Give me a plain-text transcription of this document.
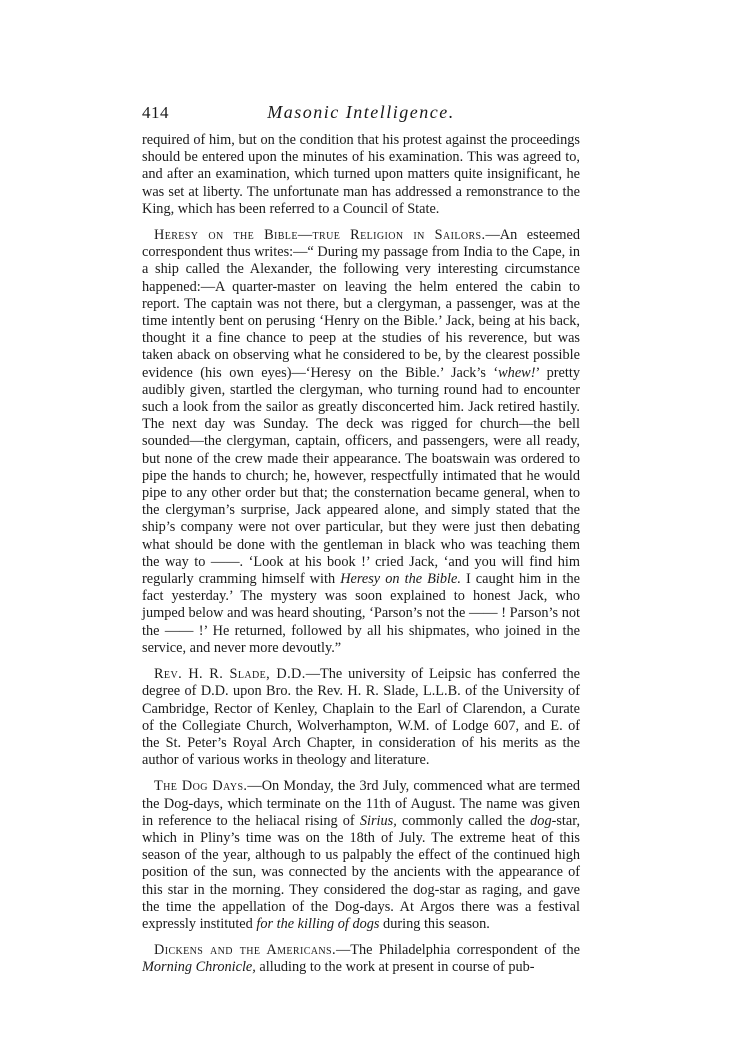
414	Masonic Intelligence.

required of him, but on the condition that his protest against the proceedings should be entered upon the minutes of his examination. This was agreed to, and after an examination, which turned upon matters quite insignificant, he was set at liberty. The unfortunate man has addressed a remonstrance to the King, which has been referred to a Council of State.

Heresy on the Bible—true Religion in Sailors.—An esteemed correspondent thus writes:—“ During my passage from India to the Cape, in a ship called the Alexander, the following very interesting circumstance happened:—A quarter-master on leaving the helm entered the cabin to report. The captain was not there, but a clergyman, a passenger, was at the time intently bent on perusing ‘Henry on the Bible.’ Jack, being at his back, thought it a fine chance to peep at the studies of his reverence, but was taken aback on observing what he considered to be, by the clearest possible evidence (his own eyes)—‘Heresy on the Bible.’ Jack’s ‘whew!’ pretty audibly given, startled the clergyman, who turning round had to encounter such a look from the sailor as greatly disconcerted him. Jack retired hastily. The next day was Sunday. The deck was rigged for church—the bell sounded—the clergyman, captain, officers, and passengers, were all ready, but none of the crew made their appearance. The boatswain was ordered to pipe the hands to church; he, however, respectfully intimated that he would pipe to any other order but that; the consternation became general, when to the clergyman’s surprise, Jack appeared alone, and simply stated that the ship’s company were not over particular, but they were just then debating what should be done with the gentleman in black who was teaching them the way to ——. ‘Look at his book !’ cried Jack, ‘and you will find him regularly cramming himself with Heresy on the Bible. I caught him in the fact yesterday.’ The mystery was soon explained to honest Jack, who jumped below and was heard shouting, ‘Parson’s not the —— ! Parson’s not the —— !’ He returned, followed by all his shipmates, who joined in the service, and never more devoutly.”

Rev. H. R. Slade, D.D.—The university of Leipsic has conferred the degree of D.D. upon Bro. the Rev. H. R. Slade, L.L.B. of the University of Cambridge, Rector of Kenley, Chaplain to the Earl of Clarendon, a Curate of the Collegiate Church, Wolverhampton, W.M. of Lodge 607, and E. of the St. Peter’s Royal Arch Chapter, in consideration of his merits as the author of various works in theology and literature.

The Dog Days.—On Monday, the 3rd July, commenced what are termed the Dog-days, which terminate on the 11th of August. The name was given in reference to the heliacal rising of Sirius, commonly called the dog-star, which in Pliny’s time was on the 18th of July. The extreme heat of this season of the year, although to us palpably the effect of the continued high position of the sun, was connected by the ancients with the appearance of this star in the morning. They considered the dog-star as raging, and gave the time the appellation of the Dog-days. At Argos there was a festival expressly instituted for the killing of dogs during this season.

Dickens and the Americans.—The Philadelphia correspondent of the Morning Chronicle, alluding to the work at present in course of pub-
